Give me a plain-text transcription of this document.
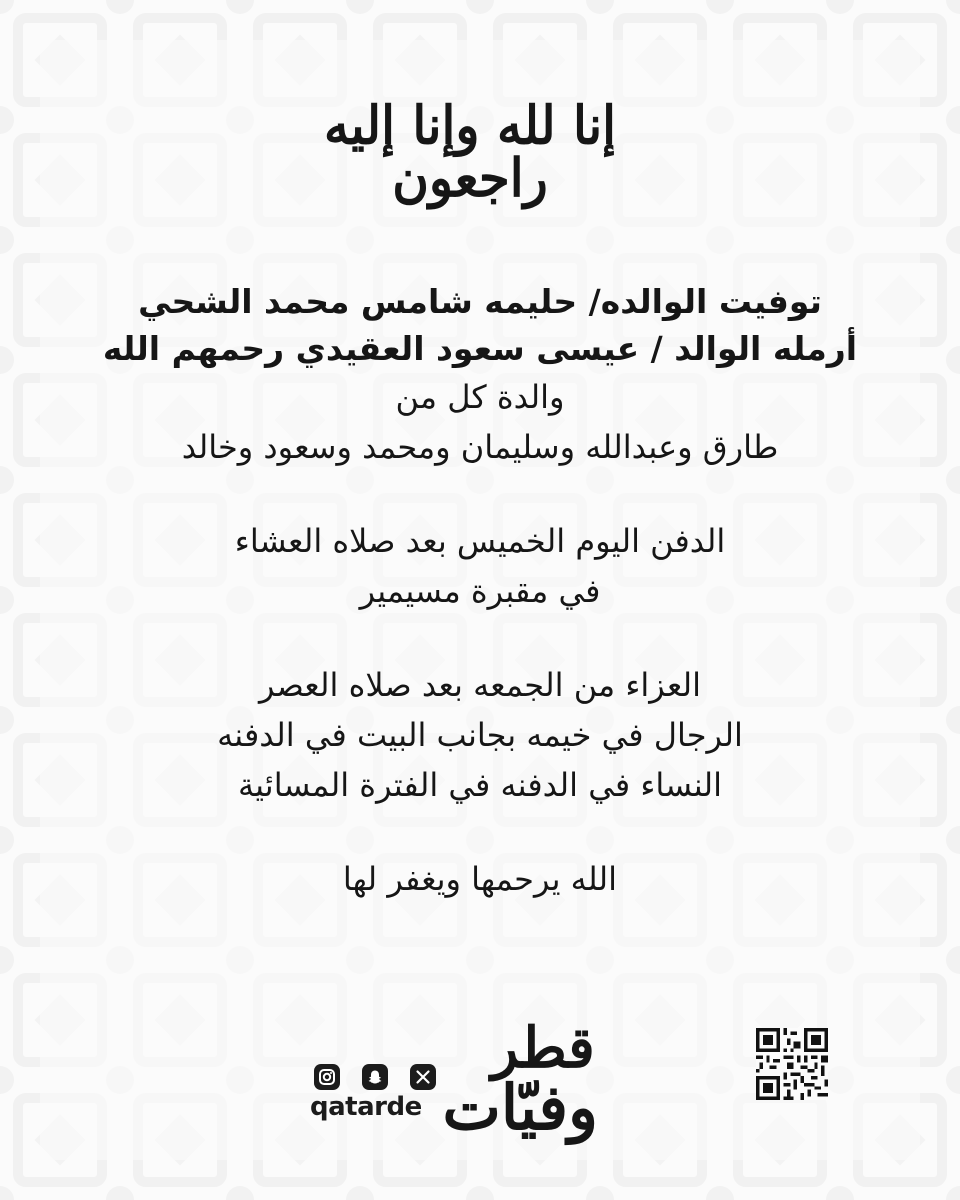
إنا لله وإنا إليه راجعون
توفيت الوالده/ حليمه شامس محمد الشحي
أرمله الوالد / عيسى سعود العقيدي رحمهم الله
والدة كل من
طارق وعبدالله وسليمان ومحمد وسعود وخالد
الدفن اليوم الخميس بعد صلاه العشاء
في مقبرة مسيمير
العزاء من الجمعه بعد صلاه العصر
الرجال في خيمه بجانب البيت في الدفنه
النساء في الدفنه في الفترة المسائية
الله يرحمها ويغفر لها
قطر
وفيّات
qatarde
